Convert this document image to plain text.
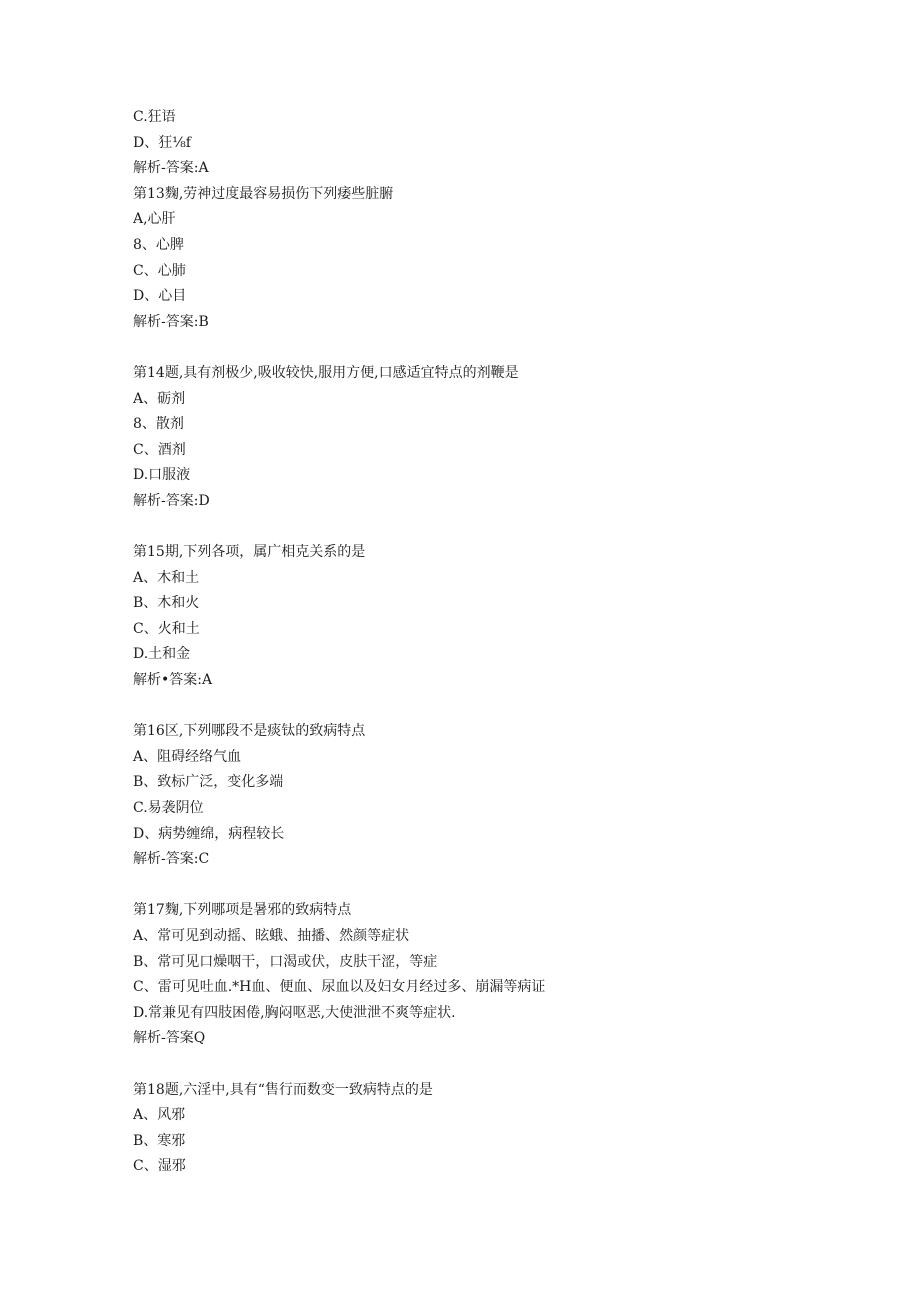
C.狂语
D、狂⅛f
解析-答案:A
第13麴,劳神过度最容易损伤下列痿些脏腑
A,心肝
8、心脾
C、心肺
D、心目
解析-答案:B
第14题,具有剂极少,吸收较快,服用方便,口感适宜特点的剂鞭是
A、砺剂
8、散剂
C、酒剂
D.口服液
解析-答案:D
第15期,下列各项，属广相克关系的是
A、木和土
B、木和火
C、火和土
D.土和金
解析•答案:A
第16区,下列哪段不是痰钛的致病特点
A、阻碍经络气血
B、致标广泛，变化多端
C.易袭阴位
D、病势缠绵，病程较长
解析-答案:C
第17麴,下列哪项是暑邪的致病特点
A、常可见到动摇、眩蛾、抽播、然颜等症状
B、常可见口燥咽干，口渴或伏，皮肤干涩，等症
C、雷可见吐血.*H血、便血、尿血以及妇女月经过多、崩漏等病证
D.常兼见有四肢困倦,胸闷呕恶,大使泄泄不爽等症状.
解析-答案Q
第18题,六淫中,具有“售行而数变一致病特点的是
A、风邪
B、寒邪
C、湿邪
